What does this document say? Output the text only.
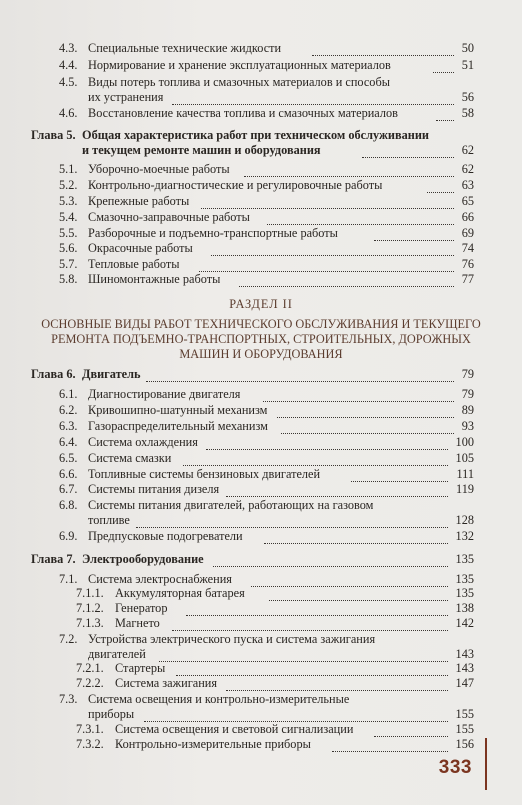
4.3. Специальные технические жидкости	50
4.4. Нормирование и хранение эксплуатационных материалов	51
4.5. Виды потерь топлива и смазочных материалов и способы
их устранения	56
4.6. Восстановление качества топлива и смазочных материалов	58
Глава 5. Общая характеристика работ при техническом обслуживании
и текущем ремонте машин и оборудования	62
5.1. Уборочно-моечные работы	62
5.2. Контрольно-диагностические и регулировочные работы	63
5.3. Крепежные работы	65
5.4. Смазочно-заправочные работы	66
5.5. Разборочные и подъемно-транспортные работы	69
5.6. Окрасочные работы	74
5.7. Тепловые работы	76
5.8. Шиномонтажные работы	77
РАЗДЕЛ II
ОСНОВНЫЕ ВИДЫ РАБОТ ТЕХНИЧЕСКОГО ОБСЛУЖИВАНИЯ И ТЕКУЩЕГО
РЕМОНТА ПОДЪЕМНО-ТРАНСПОРТНЫХ, СТРОИТЕЛЬНЫХ, ДОРОЖНЫХ
МАШИН И ОБОРУДОВАНИЯ
Глава 6. Двигатель	79
6.1. Диагностирование двигателя	79
6.2. Кривошипно-шатунный механизм	89
6.3. Газораспределительный механизм	93
6.4. Система охлаждения	100
6.5. Система смазки	105
6.6. Топливные системы бензиновых двигателей	111
6.7. Системы питания дизеля	119
6.8. Системы питания двигателей, работающих на газовом
топливе	128
6.9. Предпусковые подогреватели	132
Глава 7. Электрооборудование	135
7.1. Система электроснабжения	135
7.1.1. Аккумуляторная батарея	135
7.1.2. Генератор	138
7.1.3. Магнето	142
7.2. Устройства электрического пуска и система зажигания
двигателей	143
7.2.1. Стартеры	143
7.2.2. Система зажигания	147
7.3. Система освещения и контрольно-измерительные
приборы	155
7.3.1. Система освещения и световой сигнализации	155
7.3.2. Контрольно-измерительные приборы	156
333
